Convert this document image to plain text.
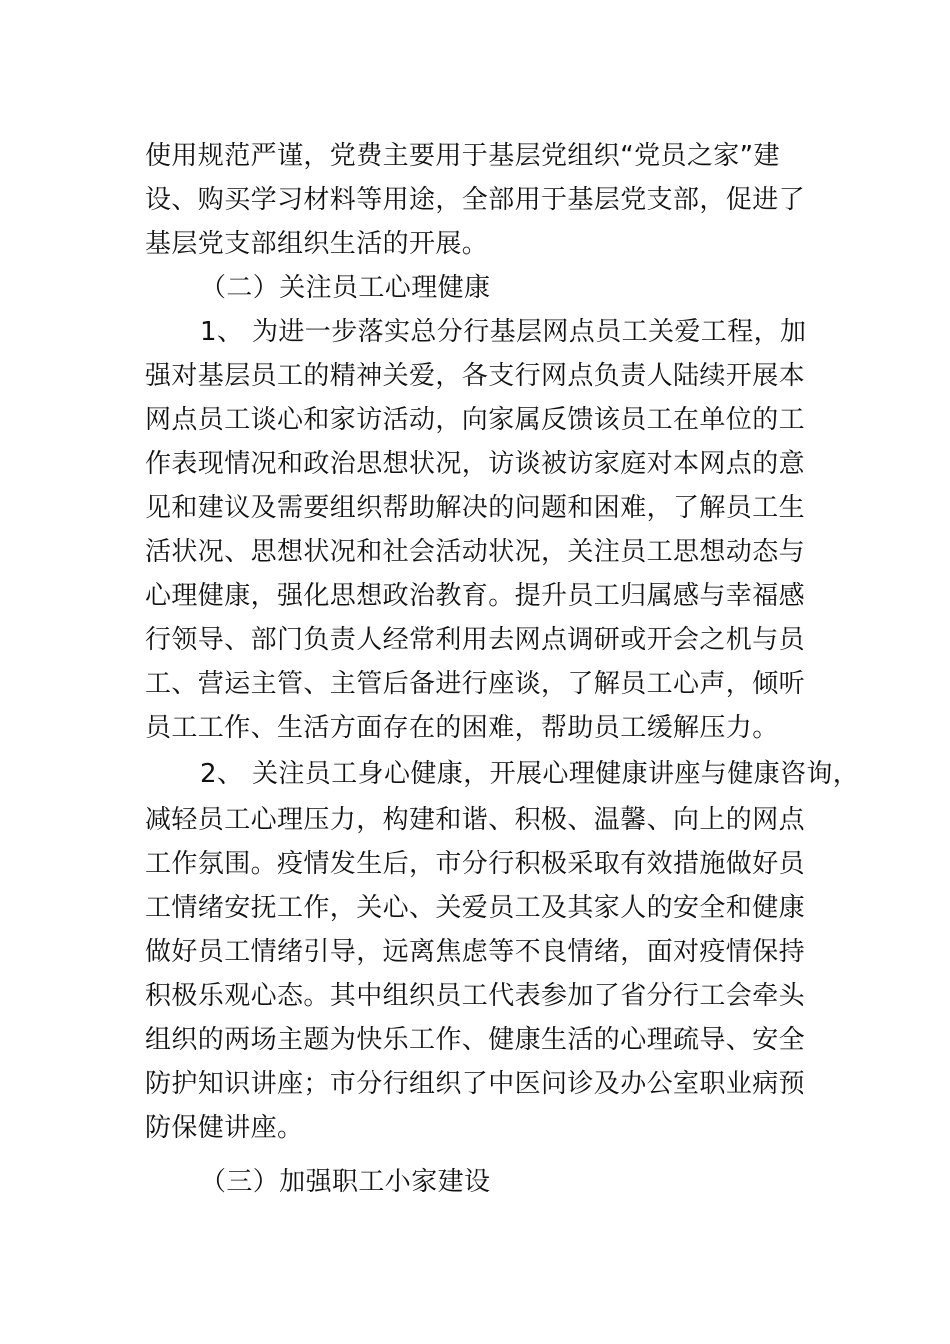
使用规范严谨，党费主要用于基层党组织“党员之家”建
设、购买学习材料等用途，全部用于基层党支部，促进了
基层党支部组织生活的开展。
（二）关注员工心理健康
1、 为进一步落实总分行基层网点员工关爱工程，加
强对基层员工的精神关爱，各支行网点负责人陆续开展本
网点员工谈心和家访活动，向家属反馈该员工在单位的工
作表现情况和政治思想状况，访谈被访家庭对本网点的意
见和建议及需要组织帮助解决的问题和困难，了解员工生
活状况、思想状况和社会活动状况，关注员工思想动态与
心理健康，强化思想政治教育。提升员工归属感与幸福感
行领导、部门负责人经常利用去网点调研或开会之机与员
工、营运主管、主管后备进行座谈，了解员工心声，倾听
员工工作、生活方面存在的困难，帮助员工缓解压力。
2、 关注员工身心健康，开展心理健康讲座与健康咨询，
减轻员工心理压力，构建和谐、积极、温馨、向上的网点
工作氛围。疫情发生后，市分行积极采取有效措施做好员
工情绪安抚工作，关心、关爱员工及其家人的安全和健康
做好员工情绪引导，远离焦虑等不良情绪，面对疫情保持
积极乐观心态。其中组织员工代表参加了省分行工会牵头
组织的两场主题为快乐工作、健康生活的心理疏导、安全
防护知识讲座；市分行组织了中医问诊及办公室职业病预
防保健讲座。
（三）加强职工小家建设
